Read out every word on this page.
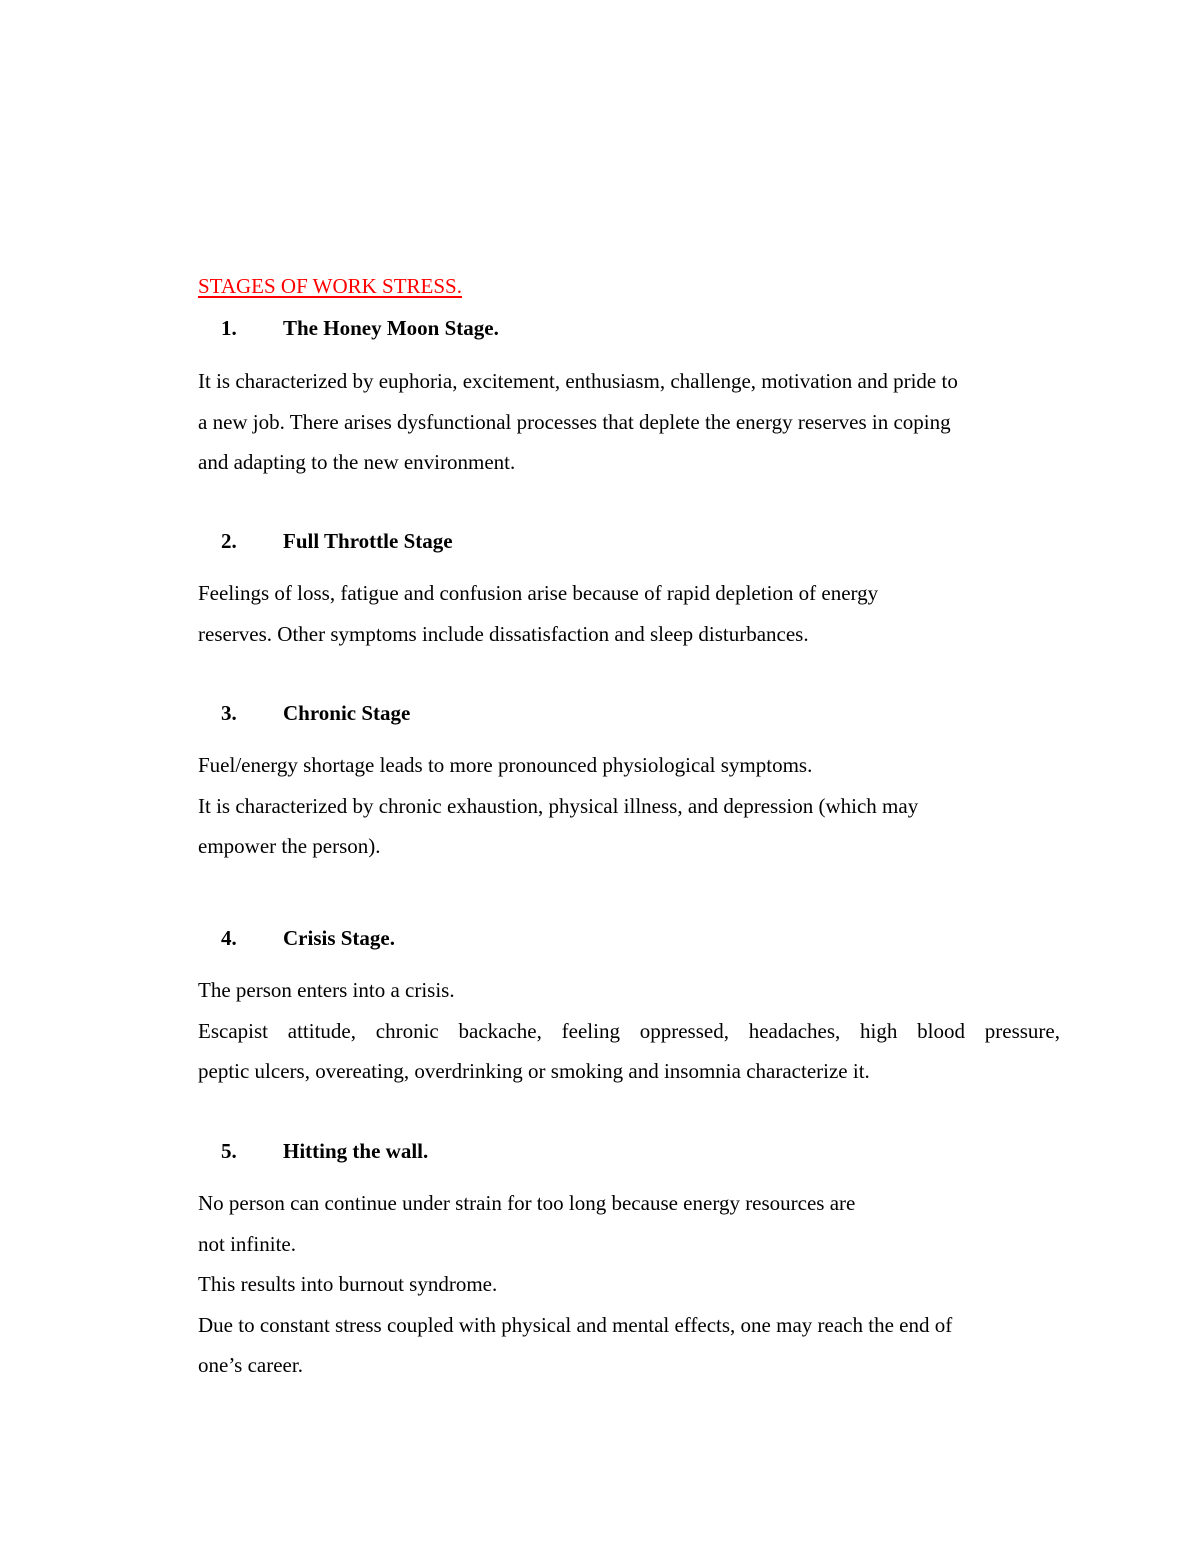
STAGES OF WORK STRESS.
1. The Honey Moon Stage.
It is characterized by euphoria, excitement, enthusiasm, challenge, motivation and pride to
a new job. There arises dysfunctional processes that deplete the energy reserves in coping
and adapting to the new environment.
2. Full Throttle Stage
Feelings of loss, fatigue and confusion arise because of rapid depletion of energy
reserves. Other symptoms include dissatisfaction and sleep disturbances.
3. Chronic Stage
Fuel/energy shortage leads to more pronounced physiological symptoms.
It is characterized by chronic exhaustion, physical illness, and depression (which may
empower the person).
4. Crisis Stage.
The person enters into a crisis.
Escapist attitude, chronic backache, feeling oppressed, headaches, high blood pressure,
peptic ulcers, overeating, overdrinking or smoking and insomnia characterize it.
5. Hitting the wall.
No person can continue under strain for too long because energy resources are
not infinite.
This results into burnout syndrome.
Due to constant stress coupled with physical and mental effects, one may reach the end of
one’s career.
